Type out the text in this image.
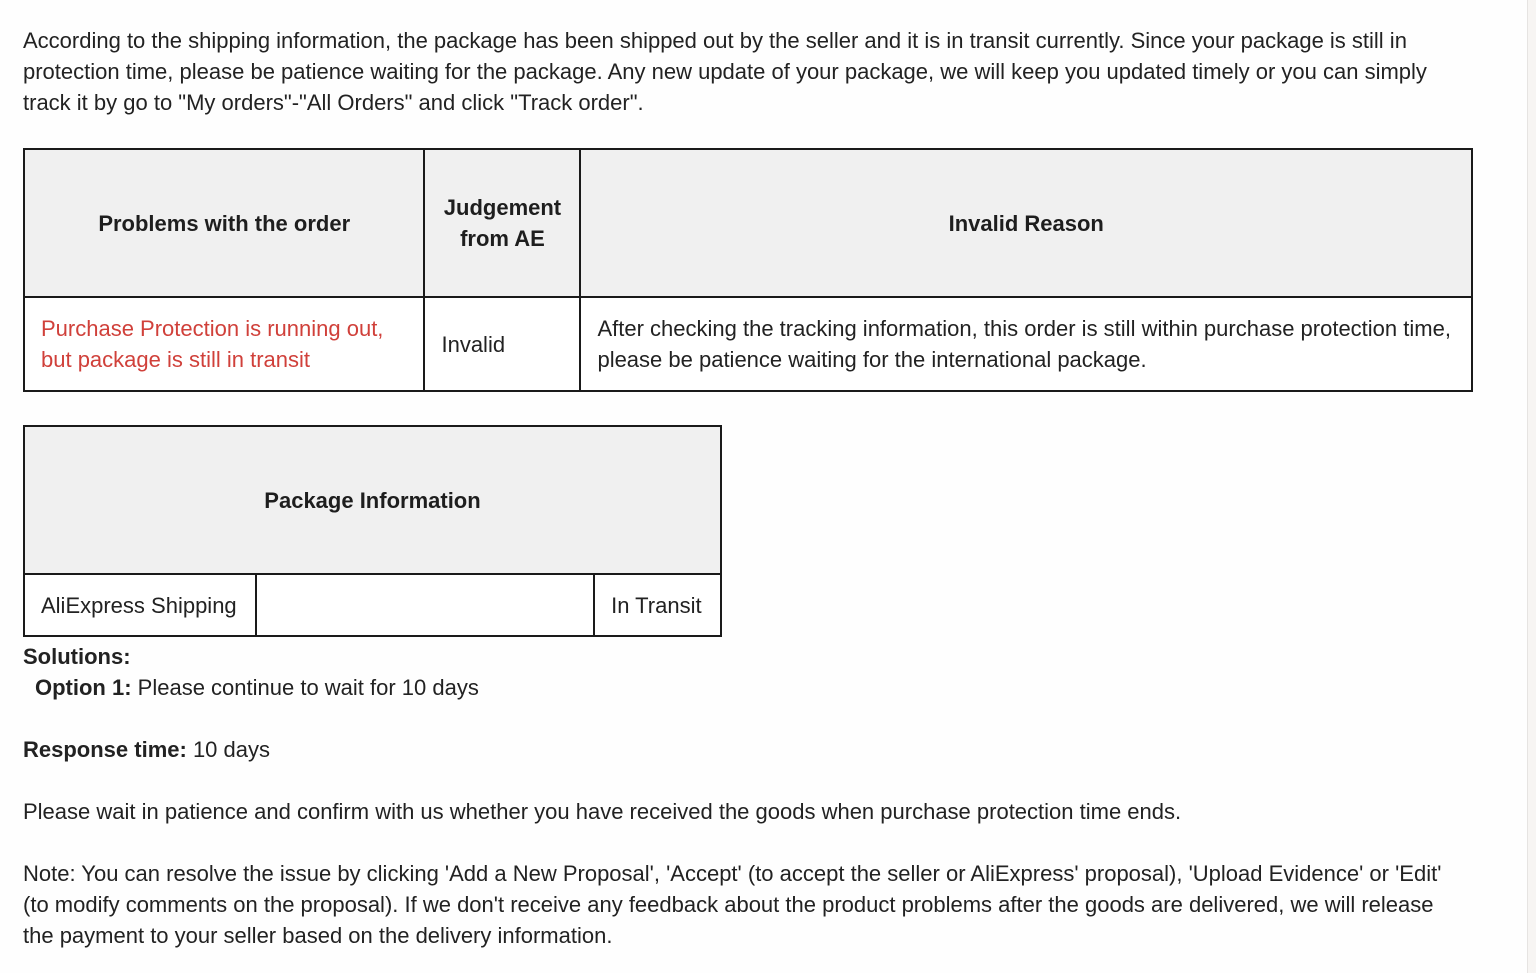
According to the shipping information, the package has been shipped out by the seller and it is in transit currently. Since your package is still in protection time, please be patience waiting for the package. Any new update of your package, we will keep you updated timely or you can simply track it by go to "My orders"-"All Orders" and click "Track order".

Problems with the order	Judgement from AE	Invalid Reason
Purchase Protection is running out, but package is still in transit	Invalid	After checking the tracking information, this order is still within purchase protection time, please be patience waiting for the international package.
Package Information
AliExpress Shipping		In Transit
Solutions:
Option 1: Please continue to wait for 10 days
Response time: 10 days
Please wait in patience and confirm with us whether you have received the goods when purchase protection time ends.

Note: You can resolve the issue by clicking 'Add a New Proposal', 'Accept' (to accept the seller or AliExpress' proposal), 'Upload Evidence' or 'Edit' (to modify comments on the proposal). If we don't receive any feedback about the product problems after the goods are delivered, we will release the payment to your seller based on the delivery information.
